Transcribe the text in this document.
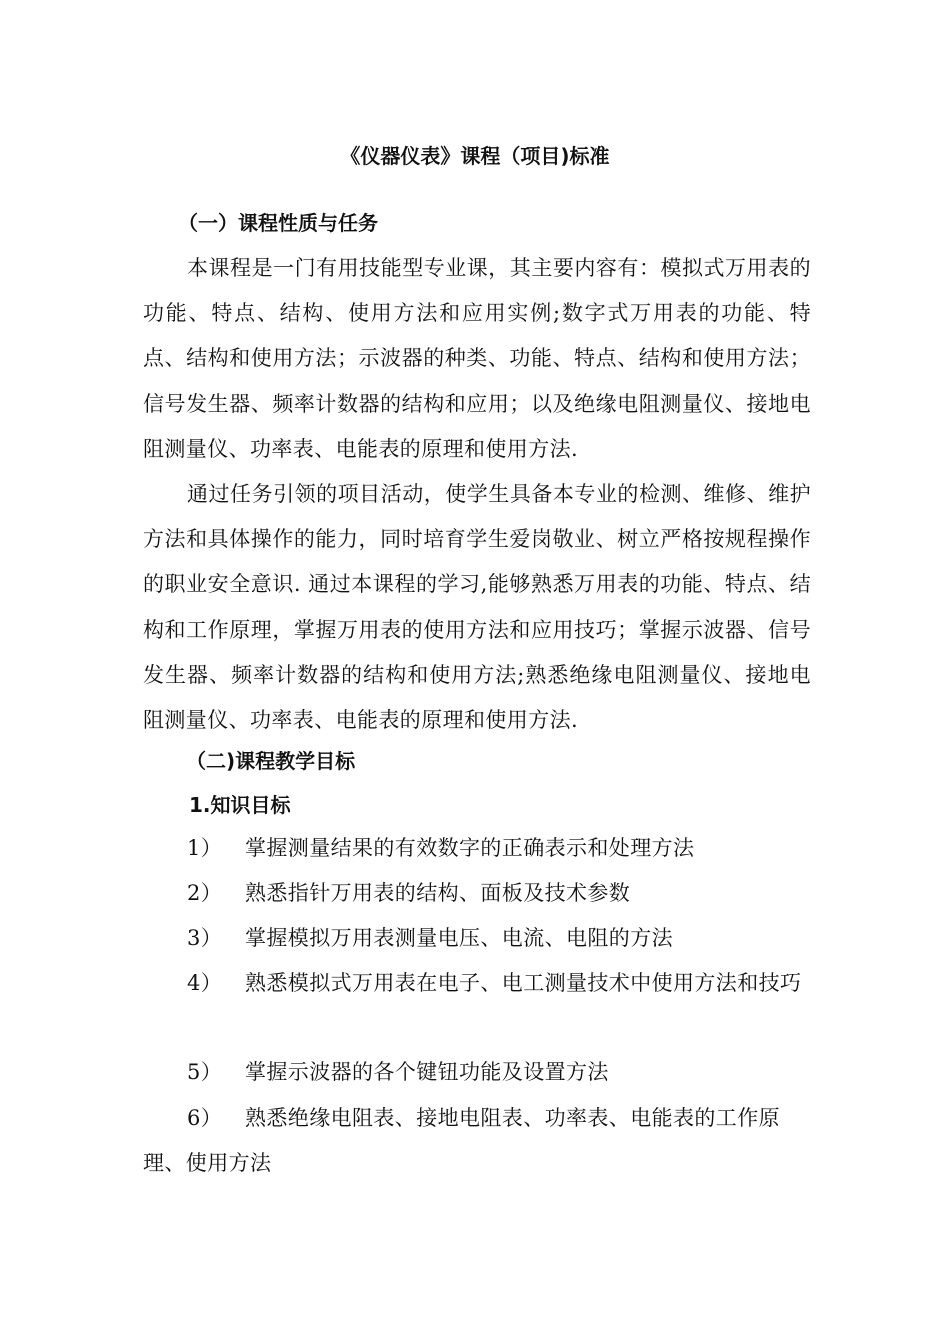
《仪器仪表》课程（项目)标准
（一）课程性质与任务
本课程是一门有用技能型专业课，其主要内容有：模拟式万用表的功能、特点、结构、使用方法和应用实例;数字式万用表的功能、特点、结构和使用方法；示波器的种类、功能、特点、结构和使用方法；信号发生器、频率计数器的结构和应用；以及绝缘电阻测量仪、接地电阻测量仪、功率表、电能表的原理和使用方法.
通过任务引领的项目活动，使学生具备本专业的检测、维修、维护方法和具体操作的能力，同时培育学生爱岗敬业、树立严格按规程操作的职业安全意识. 通过本课程的学习,能够熟悉万用表的功能、特点、结构和工作原理，掌握万用表的使用方法和应用技巧；掌握示波器、信号发生器、频率计数器的结构和使用方法;熟悉绝缘电阻测量仪、接地电阻测量仪、功率表、电能表的原理和使用方法.
（二)课程教学目标
1.知识目标
1） 掌握测量结果的有效数字的正确表示和处理方法
2） 熟悉指针万用表的结构、面板及技术参数
3） 掌握模拟万用表测量电压、电流、电阻的方法
4） 熟悉模拟式万用表在电子、电工测量技术中使用方法和技巧
5） 掌握示波器的各个键钮功能及设置方法
6） 熟悉绝缘电阻表、接地电阻表、功率表、电能表的工作原理、使用方法
